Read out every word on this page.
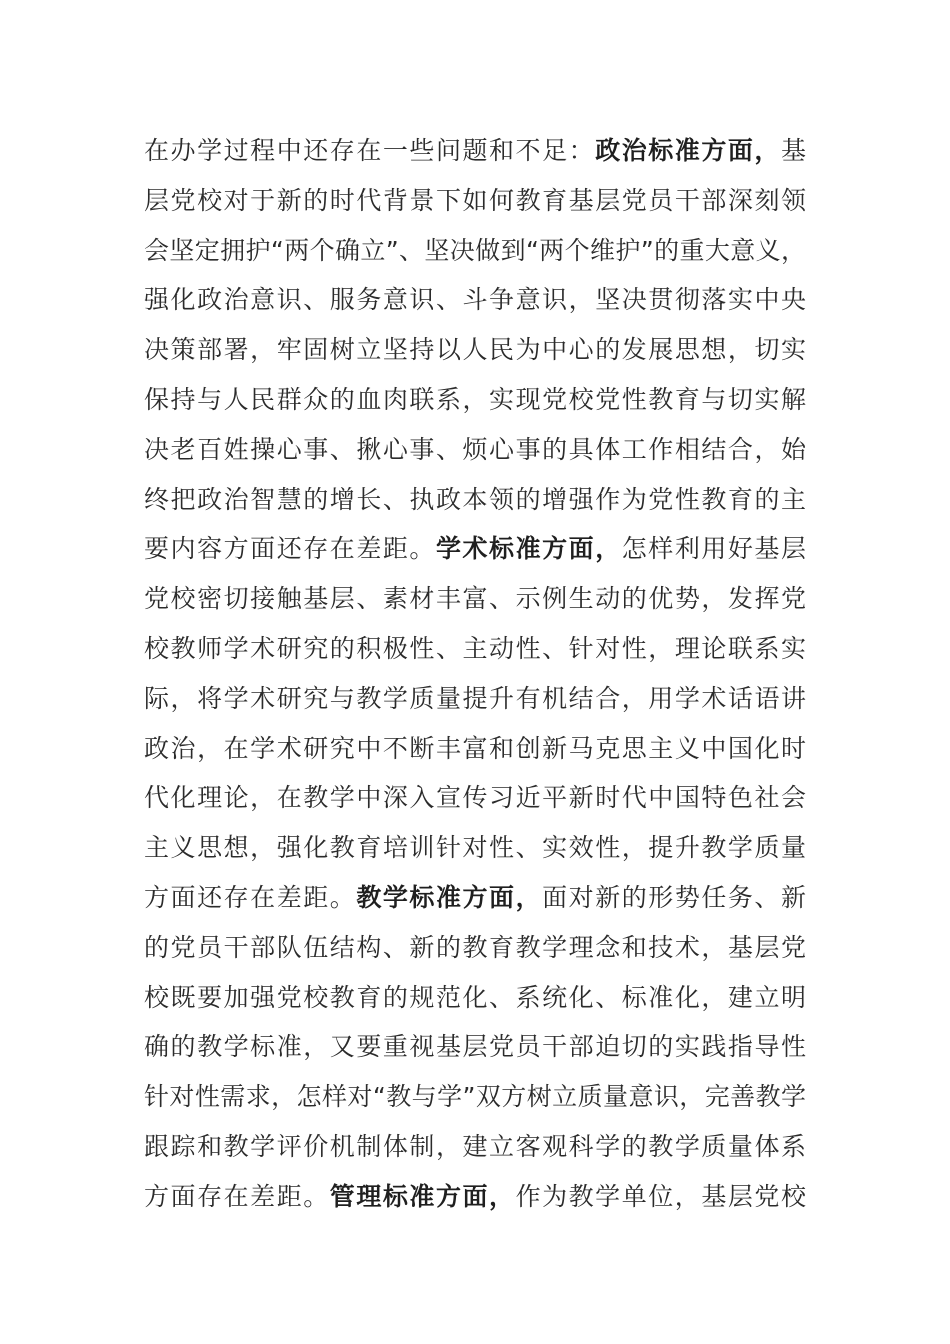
在办学过程中还存在一些问题和不足：政治标准方面，基
层党校对于新的时代背景下如何教育基层党员干部深刻领
会坚定拥护“两个确立”、坚决做到“两个维护”的重大意义，
强化政治意识、服务意识、斗争意识，坚决贯彻落实中央
决策部署，牢固树立坚持以人民为中心的发展思想，切实
保持与人民群众的血肉联系，实现党校党性教育与切实解
决老百姓操心事、揪心事、烦心事的具体工作相结合，始
终把政治智慧的增长、执政本领的增强作为党性教育的主
要内容方面还存在差距。学术标准方面，怎样利用好基层
党校密切接触基层、素材丰富、示例生动的优势，发挥党
校教师学术研究的积极性、主动性、针对性，理论联系实
际，将学术研究与教学质量提升有机结合，用学术话语讲
政治，在学术研究中不断丰富和创新马克思主义中国化时
代化理论，在教学中深入宣传习近平新时代中国特色社会
主义思想，强化教育培训针对性、实效性，提升教学质量
方面还存在差距。教学标准方面，面对新的形势任务、新
的党员干部队伍结构、新的教育教学理念和技术，基层党
校既要加强党校教育的规范化、系统化、标准化，建立明
确的教学标准，又要重视基层党员干部迫切的实践指导性
针对性需求，怎样对“教与学”双方树立质量意识，完善教学
跟踪和教学评价机制体制，建立客观科学的教学质量体系
方面存在差距。管理标准方面，作为教学单位，基层党校
